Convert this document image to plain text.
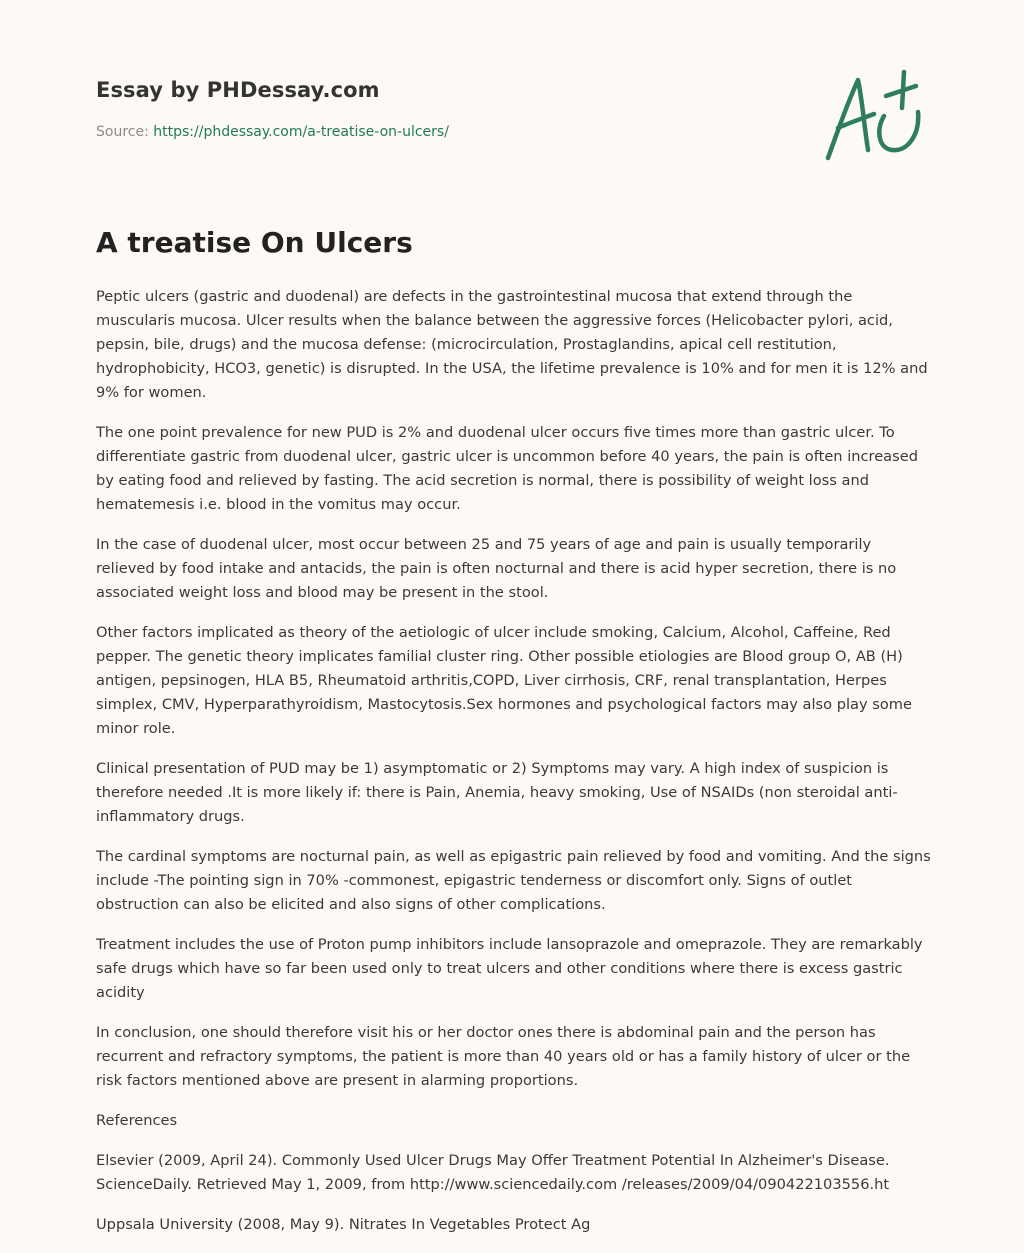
Essay by PHDessay.com
Source: https://phdessay.com/a-treatise-on-ulcers/
A treatise On Ulcers

Peptic ulcers (gastric and duodenal) are defects in the gastrointestinal mucosa that extend through the muscularis mucosa. Ulcer results when the balance between the aggressive forces (Helicobacter pylori, acid, pepsin, bile, drugs) and the mucosa defense: (microcirculation, Prostaglandins, apical cell restitution, hydrophobicity, HCO3, genetic) is disrupted. In the USA, the lifetime prevalence is 10% and for men it is 12% and 9% for women.

The one point prevalence for new PUD is 2% and duodenal ulcer occurs five times more than gastric ulcer. To differentiate gastric from duodenal ulcer, gastric ulcer is uncommon before 40 years, the pain is often increased by eating food and relieved by fasting. The acid secretion is normal, there is possibility of weight loss and hematemesis i.e. blood in the vomitus may occur.

In the case of duodenal ulcer, most occur between 25 and 75 years of age and pain is usually temporarily relieved by food intake and antacids, the pain is often nocturnal and there is acid hyper secretion, there is no associated weight loss and blood may be present in the stool.

Other factors implicated as theory of the aetiologic of ulcer include smoking, Calcium, Alcohol, Caffeine, Red pepper. The genetic theory implicates familial cluster ring. Other possible etiologies are Blood group O, AB (H) antigen, pepsinogen, HLA B5, Rheumatoid arthritis,COPD, Liver cirrhosis, CRF, renal transplantation, Herpes simplex, CMV, Hyperparathyroidism, Mastocytosis.Sex hormones and psychological factors may also play some minor role.

Clinical presentation of PUD may be 1) asymptomatic or 2) Symptoms may vary. A high index of suspicion is therefore needed .It is more likely if: there is Pain, Anemia, heavy smoking, Use of NSAIDs (non steroidal anti-inflammatory drugs.

The cardinal symptoms are nocturnal pain, as well as epigastric pain relieved by food and vomiting. And the signs include -The pointing sign in 70% -commonest, epigastric tenderness or discomfort only. Signs of outlet obstruction can also be elicited and also signs of other complications.

Treatment includes the use of Proton pump inhibitors include lansoprazole and omeprazole. They are remarkably safe drugs which have so far been used only to treat ulcers and other conditions where there is excess gastric acidity

In conclusion, one should therefore visit his or her doctor ones there is abdominal pain and the person has recurrent and refractory symptoms, the patient is more than 40 years old or has a family history of ulcer or the risk factors mentioned above are present in alarming proportions.

References

Elsevier (2009, April 24). Commonly Used Ulcer Drugs May Offer Treatment Potential In Alzheimer's Disease. ScienceDaily. Retrieved May 1, 2009, from http://www.sciencedaily.com /releases/2009/04/090422103556.ht

Uppsala University (2008, May 9). Nitrates In Vegetables Protect Ag
